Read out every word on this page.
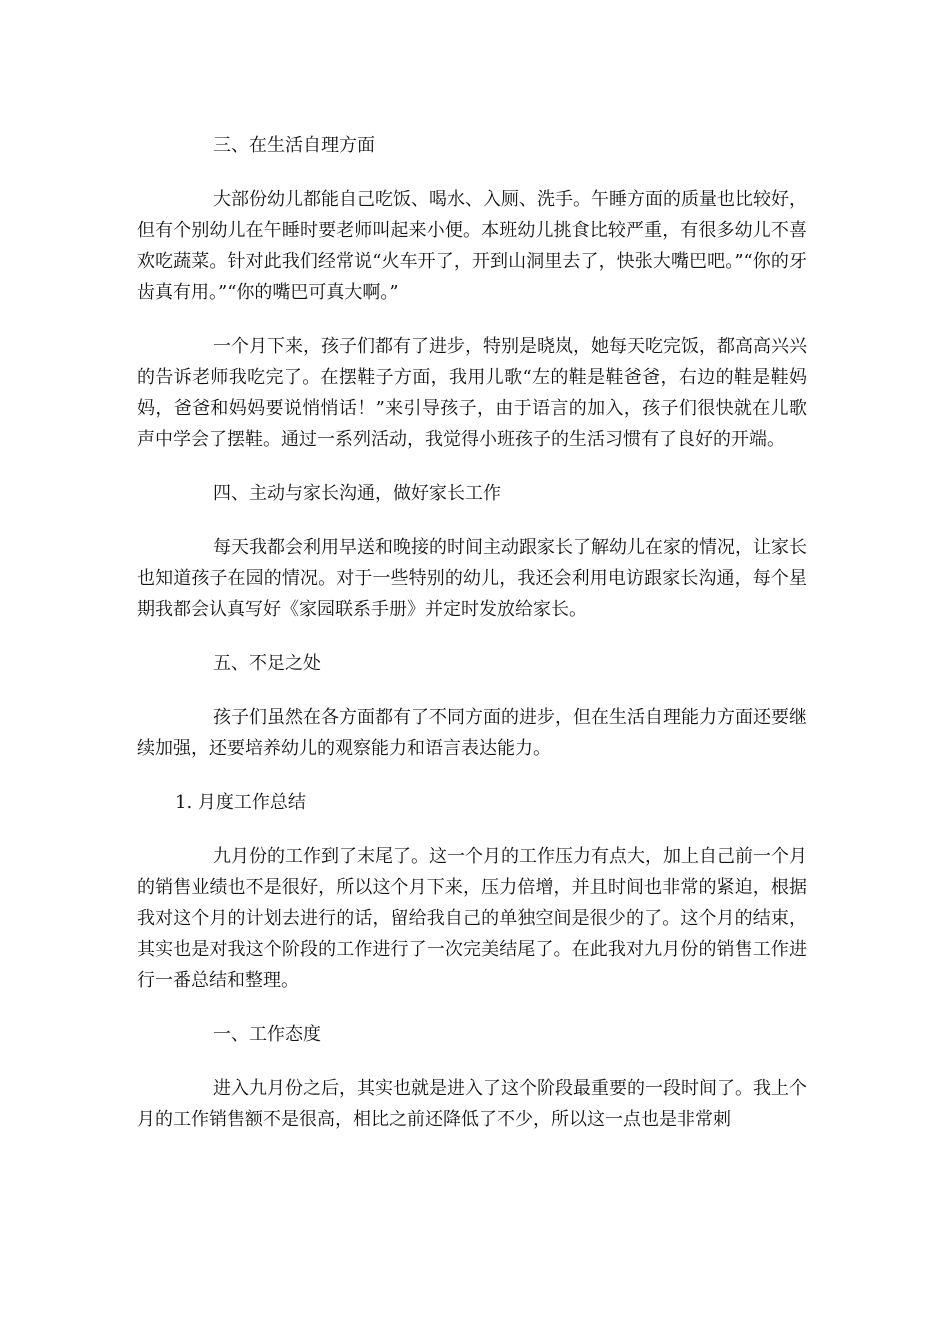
三、在生活自理方面

大部份幼儿都能自己吃饭、喝水、入厕、洗手。午睡方面的质量也比较好，但有个别幼儿在午睡时要老师叫起来小便。本班幼儿挑食比较严重，有很多幼儿不喜欢吃蔬菜。针对此我们经常说“火车开了，开到山洞里去了，快张大嘴巴吧。”“你的牙齿真有用。”“你的嘴巴可真大啊。”

一个月下来，孩子们都有了进步，特别是晓岚，她每天吃完饭，都高高兴兴的告诉老师我吃完了。在摆鞋子方面，我用儿歌“左的鞋是鞋爸爸，右边的鞋是鞋妈妈，爸爸和妈妈要说悄悄话！”来引导孩子，由于语言的加入，孩子们很快就在儿歌声中学会了摆鞋。通过一系列活动，我觉得小班孩子的生活习惯有了良好的开端。

四、主动与家长沟通，做好家长工作

每天我都会利用早送和晚接的时间主动跟家长了解幼儿在家的情况，让家长也知道孩子在园的情况。对于一些特别的幼儿，我还会利用电访跟家长沟通，每个星期我都会认真写好《家园联系手册》并定时发放给家长。

五、不足之处

孩子们虽然在各方面都有了不同方面的进步，但在生活自理能力方面还要继续加强，还要培养幼儿的观察能力和语言表达能力。

1. 月度工作总结

九月份的工作到了末尾了。这一个月的工作压力有点大，加上自己前一个月的销售业绩也不是很好，所以这个月下来，压力倍增，并且时间也非常的紧迫，根据我对这个月的计划去进行的话，留给我自己的单独空间是很少的了。这个月的结束，其实也是对我这个阶段的工作进行了一次完美结尾了。在此我对九月份的销售工作进行一番总结和整理。

一、工作态度

进入九月份之后，其实也就是进入了这个阶段最重要的一段时间了。我上个月的工作销售额不是很高，相比之前还降低了不少，所以这一点也是非常刺
